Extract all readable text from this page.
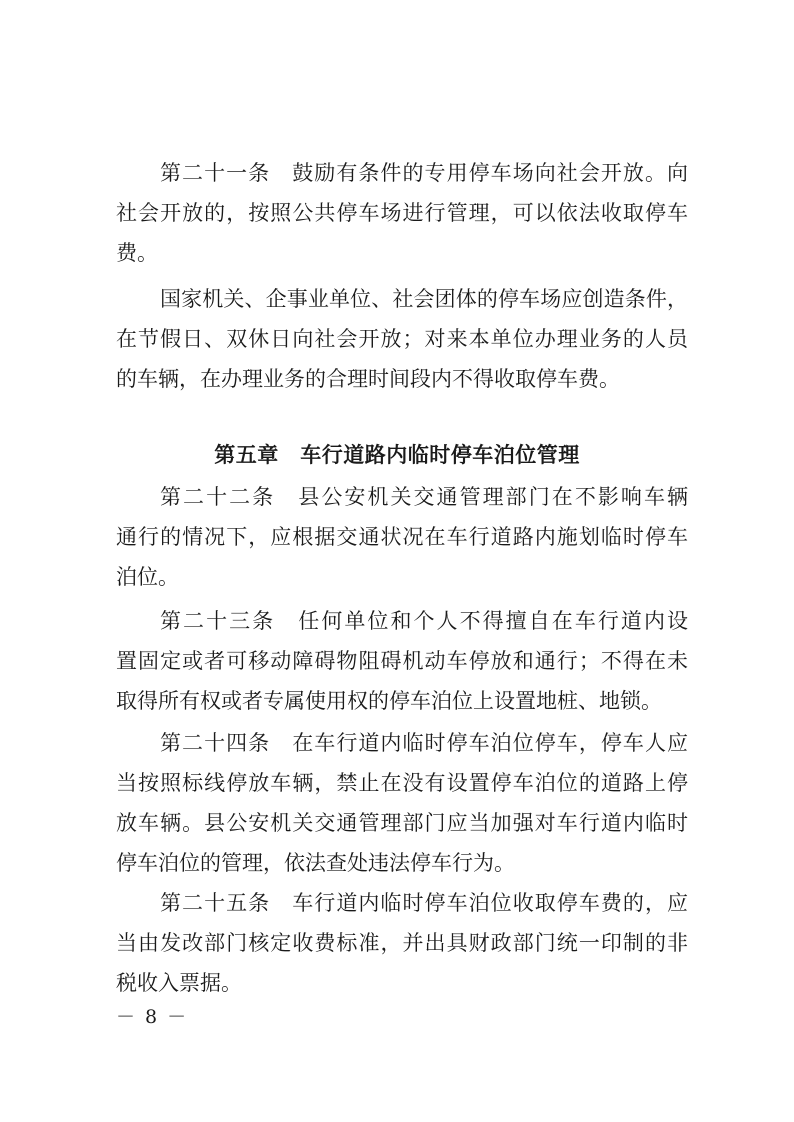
第二十一条　鼓励有条件的专用停车场向社会开放。向
社会开放的，按照公共停车场进行管理，可以依法收取停车
费。
国家机关、企事业单位、社会团体的停车场应创造条件，
在节假日、双休日向社会开放；对来本单位办理业务的人员
的车辆，在办理业务的合理时间段内不得收取停车费。
第五章　车行道路内临时停车泊位管理
第二十二条　县公安机关交通管理部门在不影响车辆
通行的情况下，应根据交通状况在车行道路内施划临时停车
泊位。
第二十三条　任何单位和个人不得擅自在车行道内设
置固定或者可移动障碍物阻碍机动车停放和通行；不得在未
取得所有权或者专属使用权的停车泊位上设置地桩、地锁。
第二十四条　在车行道内临时停车泊位停车，停车人应
当按照标线停放车辆，禁止在没有设置停车泊位的道路上停
放车辆。县公安机关交通管理部门应当加强对车行道内临时
停车泊位的管理，依法查处违法停车行为。
第二十五条　车行道内临时停车泊位收取停车费的，应
当由发改部门核定收费标准，并出具财政部门统一印制的非
税收入票据。
－ 8 －
